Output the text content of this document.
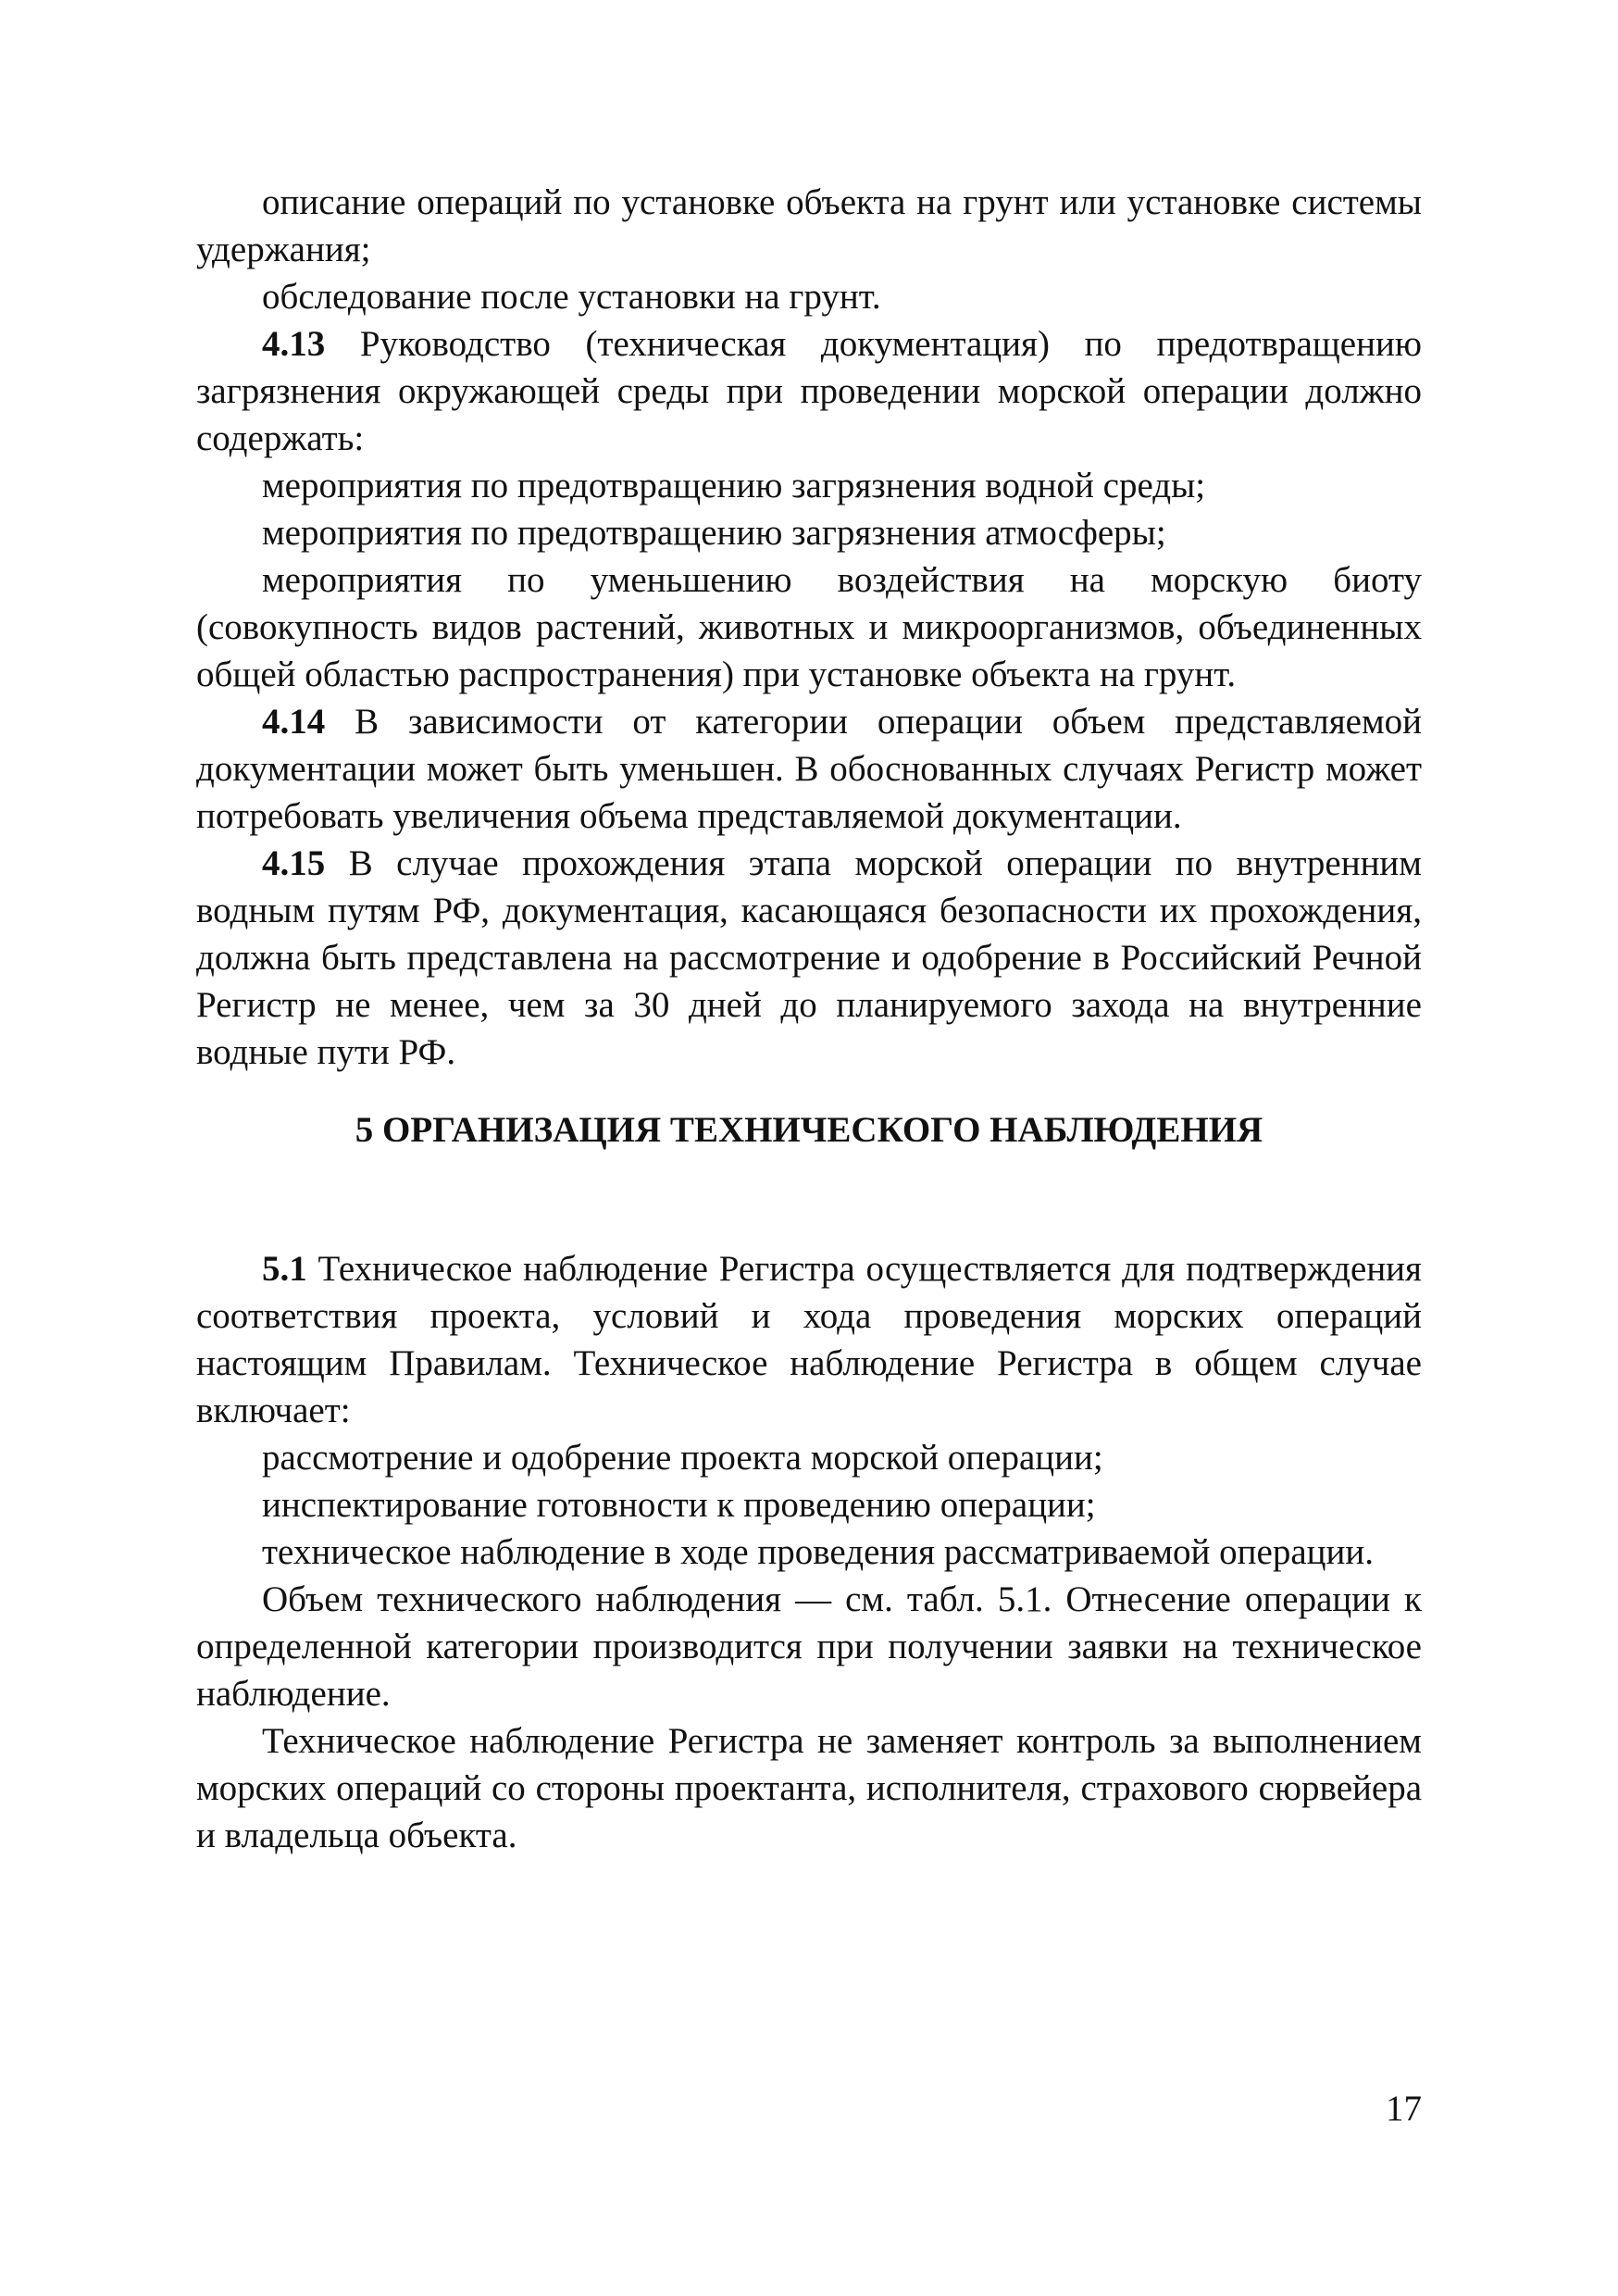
описание операций по установке объекта на грунт или установке системы удержания;

обследование после установки на грунт.

4.13 Руководство (техническая документация) по предотвращению загрязнения окружающей среды при проведении морской операции должно содержать:

мероприятия по предотвращению загрязнения водной среды;

мероприятия по предотвращению загрязнения атмосферы;

мероприятия по уменьшению воздействия на морскую биоту (совокупность видов растений, животных и микроорганизмов, объединенных общей областью распространения) при установке объекта на грунт.

4.14 В зависимости от категории операции объем представляемой документации может быть уменьшен. В обоснованных случаях Регистр может потребовать увеличения объема представляемой документации.

4.15 В случае прохождения этапа морской операции по внутренним водным путям РФ, документация, касающаяся безопасности их прохождения, должна быть представлена на рассмотрение и одобрение в Российский Речной Регистр не менее, чем за 30 дней до планируемого захода на внутренние водные пути РФ.

5 ОРГАНИЗАЦИЯ ТЕХНИЧЕСКОГО НАБЛЮДЕНИЯ

5.1 Техническое наблюдение Регистра осуществляется для подтверждения соответствия проекта, условий и хода проведения морских операций настоящим Правилам. Техническое наблюдение Регистра в общем случае включает:

рассмотрение и одобрение проекта морской операции;

инспектирование готовности к проведению операции;

техническое наблюдение в ходе проведения рассматриваемой операции.

Объем технического наблюдения — см. табл. 5.1. Отнесение операции к определенной категории производится при получении заявки на техническое наблюдение.

Техническое наблюдение Регистра не заменяет контроль за выполнением морских операций со стороны проектанта, исполнителя, страхового сюрвейера и владельца объекта.

17
